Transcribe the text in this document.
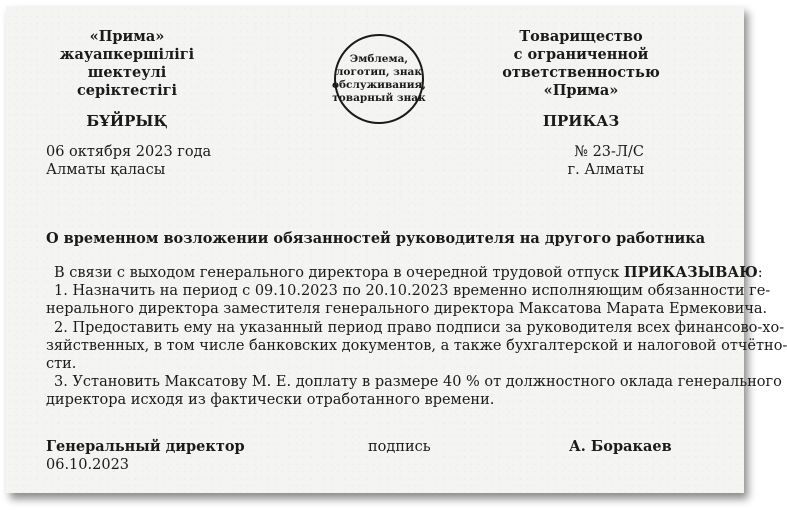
«Прима»
жауапкершілігі
шектеулі
серіктестігі
БҰЙРЫҚ
Эмблема,
логотип, знак
обслуживания,
товарный знак
Товарищество
с ограниченной
ответственностью
«Прима»
ПРИКАЗ
06 октября 2023 года
Алматы қаласы
№ 23-Л/С
г. Алматы
О временном возложении обязанностей руководителя на другого работника
В связи с выходом генерального директора в очередной трудовой отпуск ПРИКАЗЫВАЮ:
1. Назначить на период с 09.10.2023 по 20.10.2023 временно исполняющим обязанности ге-
нерального директора заместителя генерального директора Максатова Марата Ермековича.
2. Предоставить ему на указанный период право подписи за руководителя всех финансово-хо-
зяйственных, в том числе банковских документов, а также бухгалтерской и налоговой отчётно-
сти.
3. Установить Максатову М. Е. доплату в размере 40 % от должностного оклада генерального
директора исходя из фактически отработанного времени.
Генеральный директор
06.10.2023
подпись	А. Боракаев
